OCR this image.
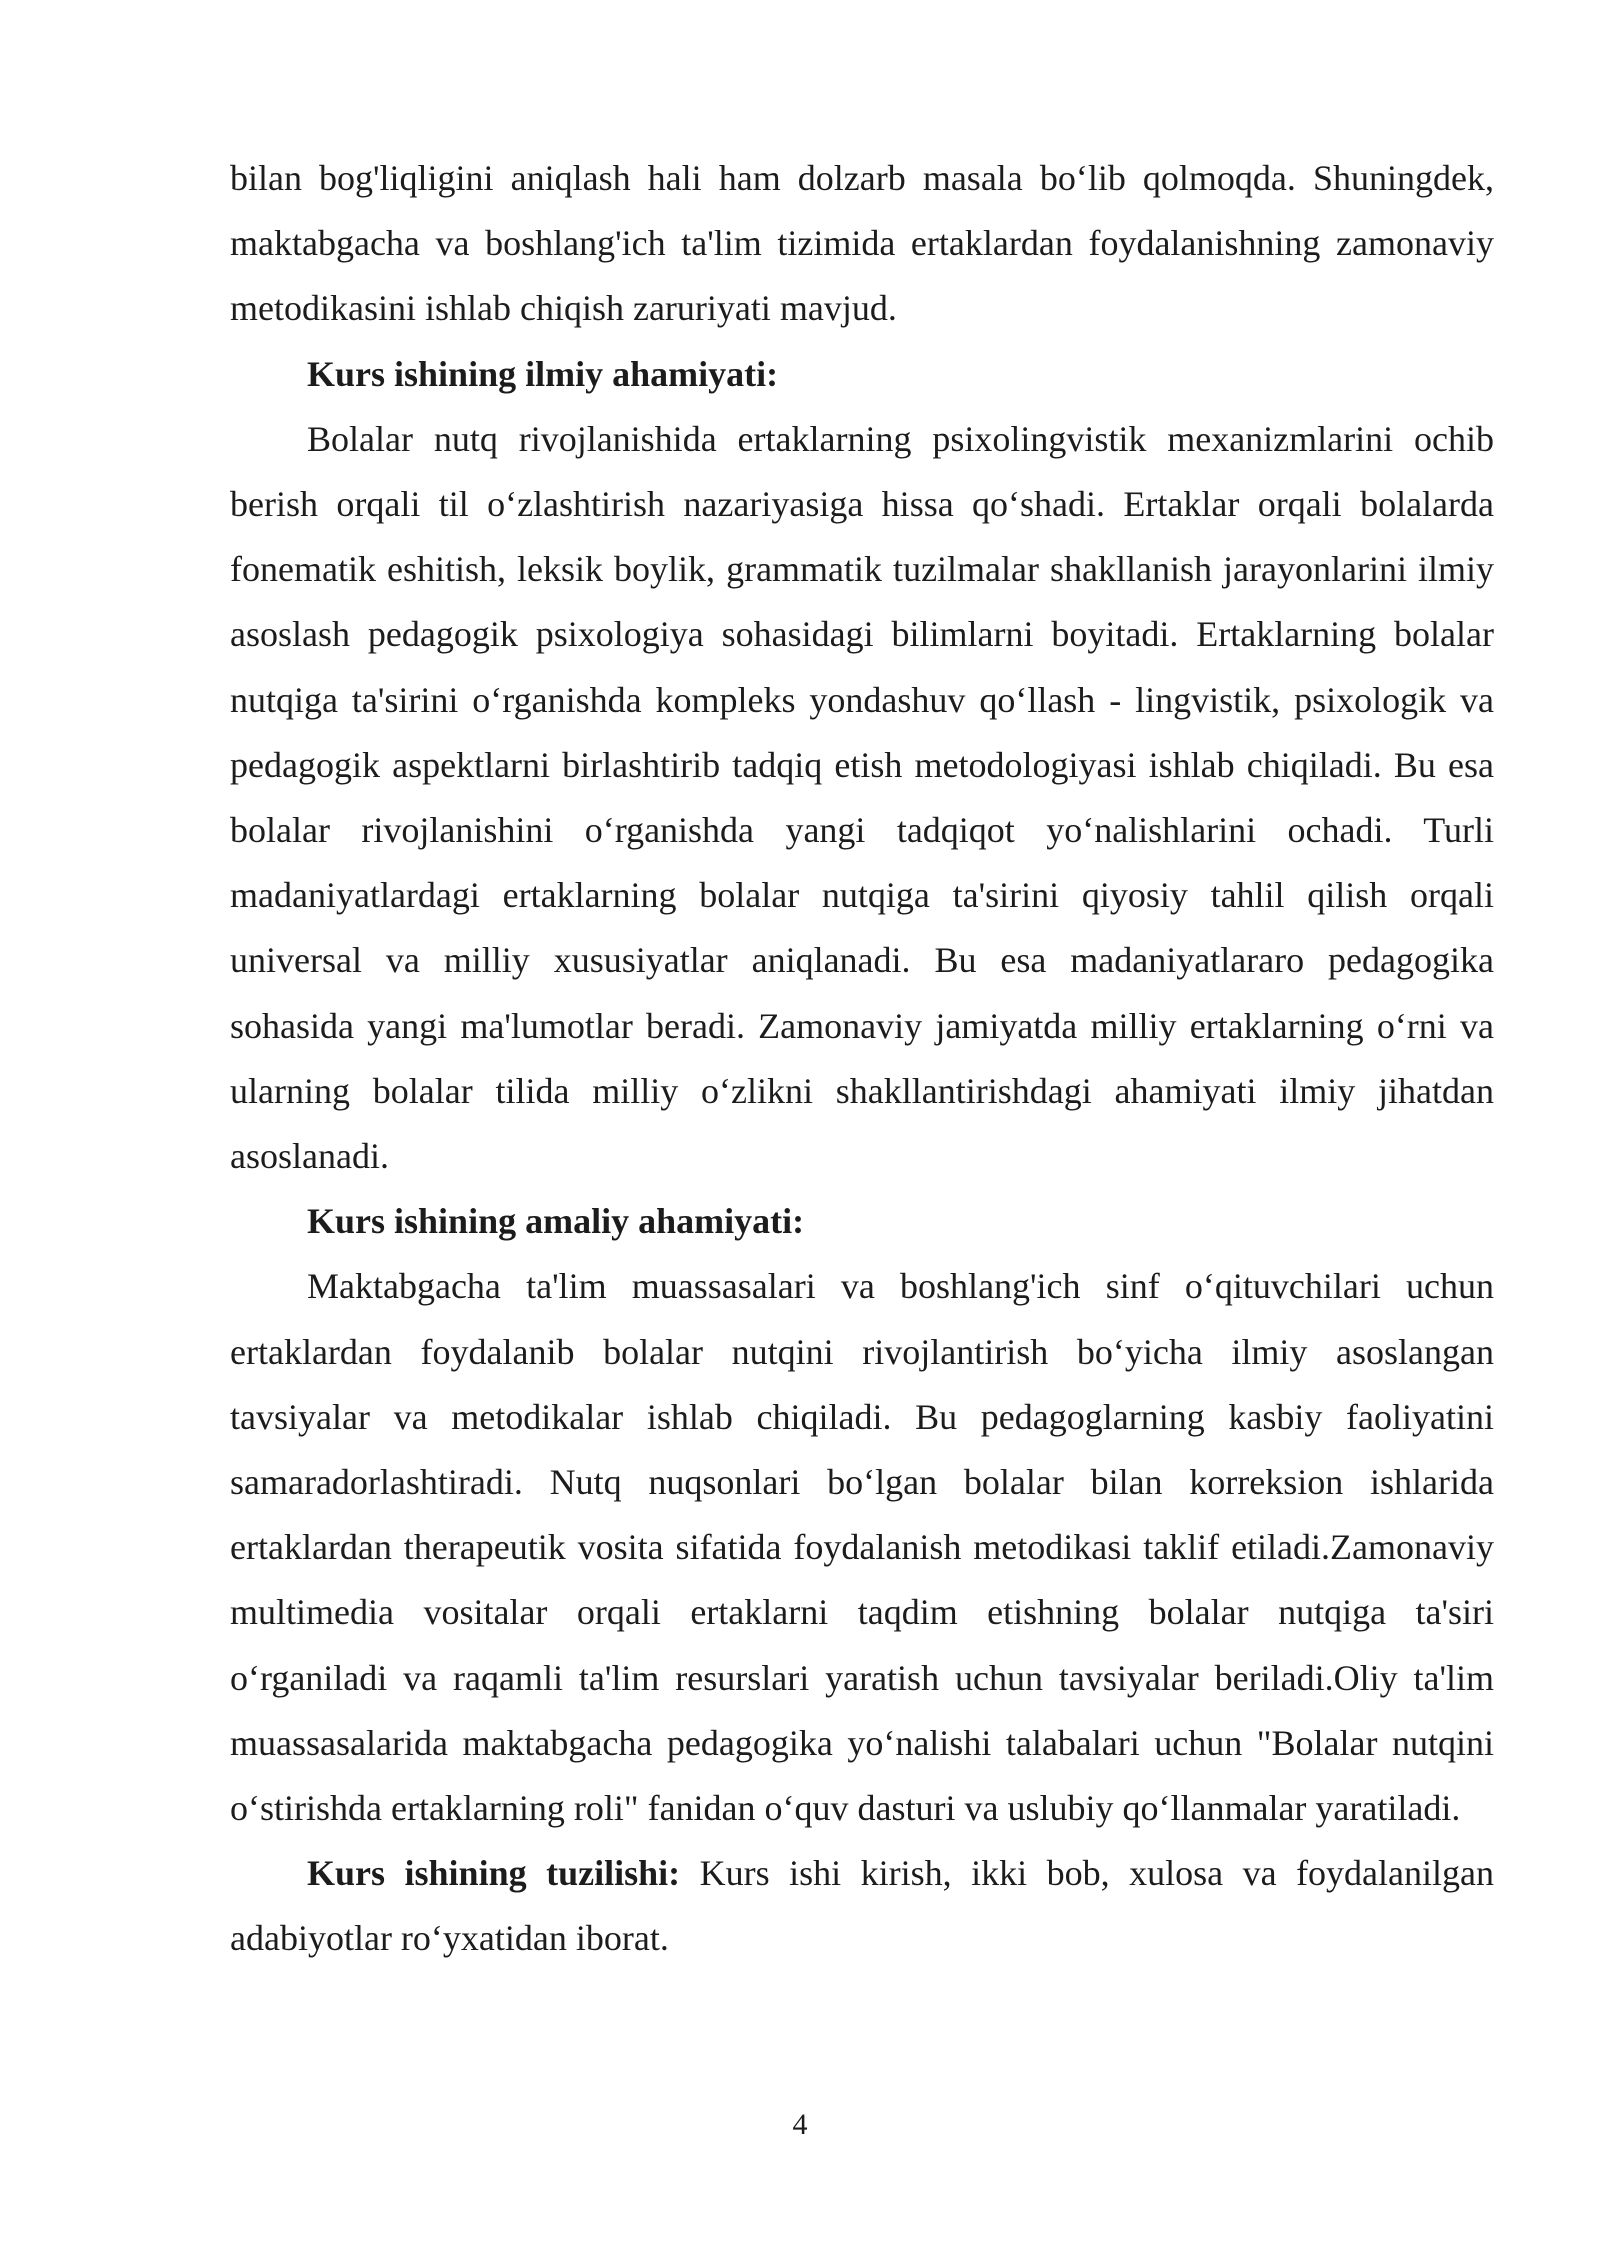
bilan bog'liqligini aniqlash hali ham dolzarb masala bo‘lib qolmoqda. Shuningdek, maktabgacha va boshlang'ich ta'lim tizimida ertaklardan foydalanishning zamonaviy metodikasini ishlab chiqish zaruriyati mavjud.

Kurs ishining ilmiy ahamiyati:

Bolalar nutq rivojlanishida ertaklarning psixolingvistik mexanizmlarini ochib berish orqali til o‘zlashtirish nazariyasiga hissa qo‘shadi. Ertaklar orqali bolalarda fonematik eshitish, leksik boylik, grammatik tuzilmalar shakllanish jarayonlarini ilmiy asoslash pedagogik psixologiya sohasidagi bilimlarni boyitadi. Ertaklarning bolalar nutqiga ta'sirini o‘rganishda kompleks yondashuv qo‘llash - lingvistik, psixologik va pedagogik aspektlarni birlashtirib tadqiq etish metodologiyasi ishlab chiqiladi. Bu esa bolalar rivojlanishini o‘rganishda yangi tadqiqot yo‘nalishlarini ochadi. Turli madaniyatlardagi ertaklarning bolalar nutqiga ta'sirini qiyosiy tahlil qilish orqali universal va milliy xususiyatlar aniqlanadi. Bu esa madaniyatlararo pedagogika sohasida yangi ma'lumotlar beradi. Zamonaviy jamiyatda milliy ertaklarning o‘rni va ularning bolalar tilida milliy o‘zlikni shakllantirishdagi ahamiyati ilmiy jihatdan asoslanadi.

Kurs ishining amaliy ahamiyati:

Maktabgacha ta'lim muassasalari va boshlang'ich sinf o‘qituvchilari uchun ertaklardan foydalanib bolalar nutqini rivojlantirish bo‘yicha ilmiy asoslangan tavsiyalar va metodikalar ishlab chiqiladi. Bu pedagoglarning kasbiy faoliyatini samaradorlashtiradi. Nutq nuqsonlari bo‘lgan bolalar bilan korreksion ishlarida ertaklardan therapeutik vosita sifatida foydalanish metodikasi taklif etiladi.Zamonaviy multimedia vositalar orqali ertaklarni taqdim etishning bolalar nutqiga ta'siri o‘rganiladi va raqamli ta'lim resurslari yaratish uchun tavsiyalar beriladi.Oliy ta'lim muassasalarida maktabgacha pedagogika yo‘nalishi talabalari uchun "Bolalar nutqini o‘stirishda ertaklarning roli" fanidan o‘quv dasturi va uslubiy qo‘llanmalar yaratiladi.

Kurs ishining tuzilishi: Kurs ishi kirish, ikki bob, xulosa va foydalanilgan adabiyotlar ro‘yxatidan iborat.

4
